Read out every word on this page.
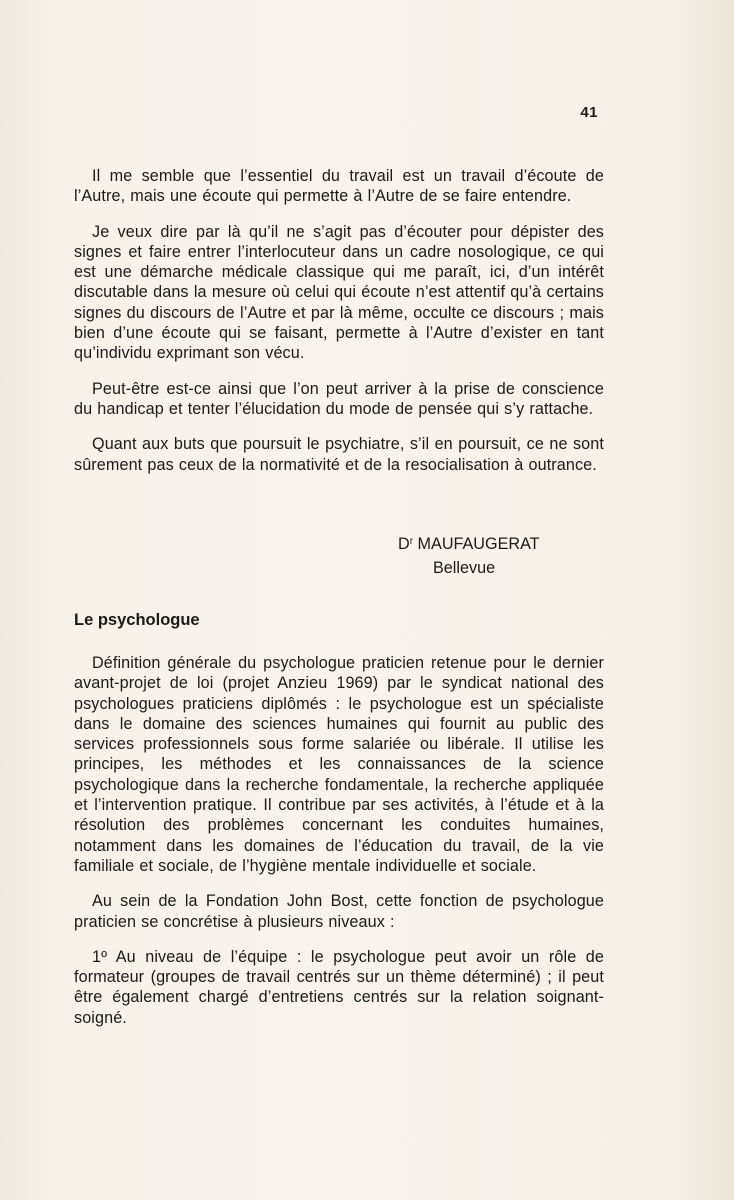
41

Il me semble que l’essentiel du travail est un travail d’écoute de l’Autre, mais une écoute qui permette à l’Autre de se faire entendre.

Je veux dire par là qu’il ne s’agit pas d’écouter pour dépister des signes et faire entrer l’interlocuteur dans un cadre nosologique, ce qui est une démarche médicale classique qui me paraît, ici, d’un intérêt discutable dans la mesure où celui qui écoute n’est attentif qu’à certains signes du discours de l’Autre et par là même, occulte ce discours ; mais bien d’une écoute qui se faisant, permette à l’Autre d’exister en tant qu’individu exprimant son vécu.

Peut-être est-ce ainsi que l’on peut arriver à la prise de conscience du handicap et tenter l’élucidation du mode de pensée qui s’y rattache.

Quant aux buts que poursuit le psychiatre, s’il en poursuit, ce ne sont sûrement pas ceux de la normativité et de la resocialisation à outrance.

$D^r$ MAUFAUGERAT
Bellevue
Le psychologue

Définition générale du psychologue praticien retenue pour le dernier avant-projet de loi (projet Anzieu 1969) par le syndicat national des psychologues praticiens diplômés : le psychologue est un spécialiste dans le domaine des sciences humaines qui fournit au public des services professionnels sous forme salariée ou libérale. Il utilise les principes, les méthodes et les connaissances de la science psychologique dans la recherche fondamentale, la recherche appliquée et l’intervention pratique. Il contribue par ses activités, à l’étude et à la résolution des problèmes concernant les conduites humaines, notamment dans les domaines de l’éducation du travail, de la vie familiale et sociale, de l’hygiène mentale individuelle et sociale.

Au sein de la Fondation John Bost, cette fonction de psychologue praticien se concrétise à plusieurs niveaux :

1º Au niveau de l’équipe : le psychologue peut avoir un rôle de formateur (groupes de travail centrés sur un thème déterminé) ; il peut être également chargé d’entretiens centrés sur la relation soignant-soigné.
